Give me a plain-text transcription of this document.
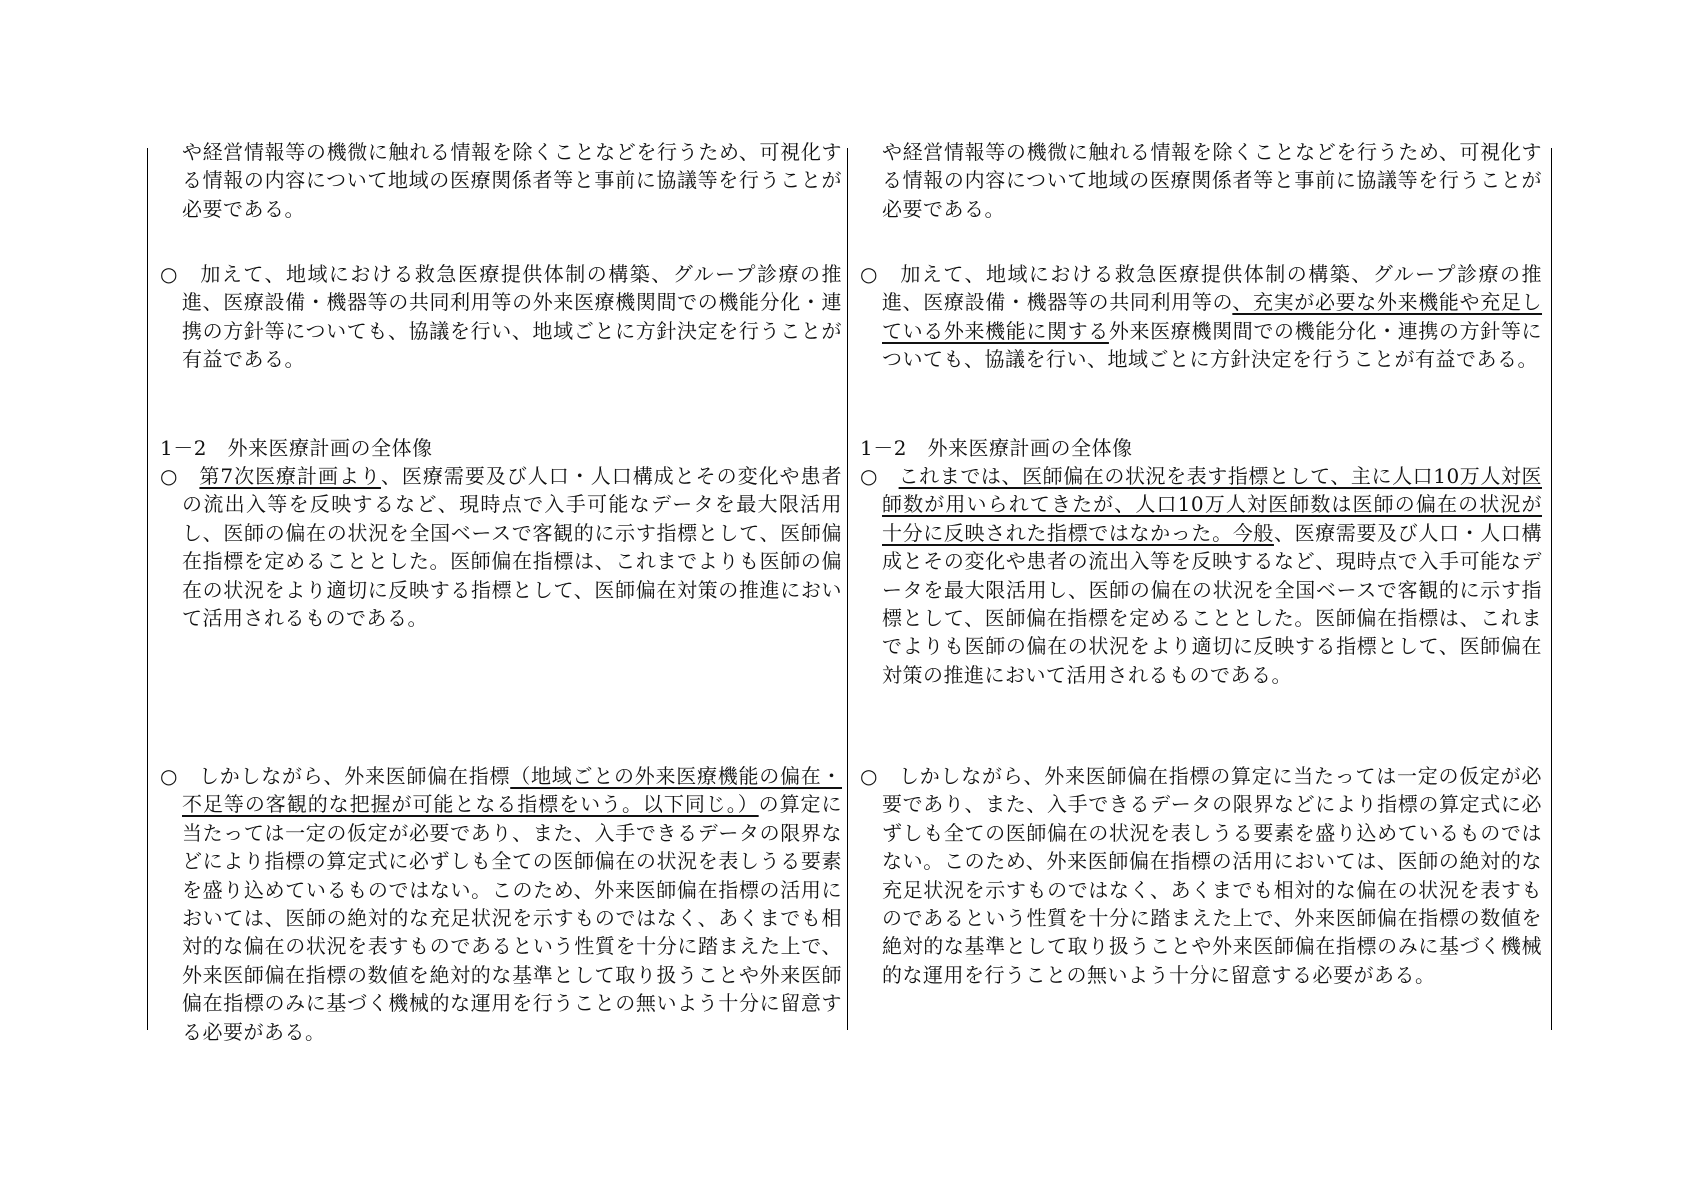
や経営情報等の機微に触れる情報を除くことなどを行うため、可視化する情報の内容について地域の医療関係者等と事前に協議等を行うことが必要である。

○　加えて、地域における救急医療提供体制の構築、グループ診療の推進、医療設備・機器等の共同利用等の外来医療機関間での機能分化・連携の方針等についても、協議を行い、地域ごとに方針決定を行うことが有益である。

1－2　外来医療計画の全体像

○　第7次医療計画より、医療需要及び人口・人口構成とその変化や患者の流出入等を反映するなど、現時点で入手可能なデータを最大限活用し、医師の偏在の状況を全国ベースで客観的に示す指標として、医師偏在指標を定めることとした。医師偏在指標は、これまでよりも医師の偏在の状況をより適切に反映する指標として、医師偏在対策の推進において活用されるものである。

○　しかしながら、外来医師偏在指標（地域ごとの外来医療機能の偏在・不足等の客観的な把握が可能となる指標をいう。以下同じ。）の算定に当たっては一定の仮定が必要であり、また、入手できるデータの限界などにより指標の算定式に必ずしも全ての医師偏在の状況を表しうる要素を盛り込めているものではない。このため、外来医師偏在指標の活用においては、医師の絶対的な充足状況を示すものではなく、あくまでも相対的な偏在の状況を表すものであるという性質を十分に踏まえた上で、外来医師偏在指標の数値を絶対的な基準として取り扱うことや外来医師偏在指標のみに基づく機械的な運用を行うことの無いよう十分に留意する必要がある。

や経営情報等の機微に触れる情報を除くことなどを行うため、可視化する情報の内容について地域の医療関係者等と事前に協議等を行うことが必要である。

○　加えて、地域における救急医療提供体制の構築、グループ診療の推進、医療設備・機器等の共同利用等の、充実が必要な外来機能や充足している外来機能に関する外来医療機関間での機能分化・連携の方針等についても、協議を行い、地域ごとに方針決定を行うことが有益である。

1－2　外来医療計画の全体像

○　これまでは、医師偏在の状況を表す指標として、主に人口10万人対医師数が用いられてきたが、人口10万人対医師数は医師の偏在の状況が十分に反映された指標ではなかった。今般、医療需要及び人口・人口構成とその変化や患者の流出入等を反映するなど、現時点で入手可能なデータを最大限活用し、医師の偏在の状況を全国ベースで客観的に示す指標として、医師偏在指標を定めることとした。医師偏在指標は、これまでよりも医師の偏在の状況をより適切に反映する指標として、医師偏在対策の推進において活用されるものである。

○　しかしながら、外来医師偏在指標の算定に当たっては一定の仮定が必要であり、また、入手できるデータの限界などにより指標の算定式に必ずしも全ての医師偏在の状況を表しうる要素を盛り込めているものではない。このため、外来医師偏在指標の活用においては、医師の絶対的な充足状況を示すものではなく、あくまでも相対的な偏在の状況を表すものであるという性質を十分に踏まえた上で、外来医師偏在指標の数値を絶対的な基準として取り扱うことや外来医師偏在指標のみに基づく機械的な運用を行うことの無いよう十分に留意する必要がある。
